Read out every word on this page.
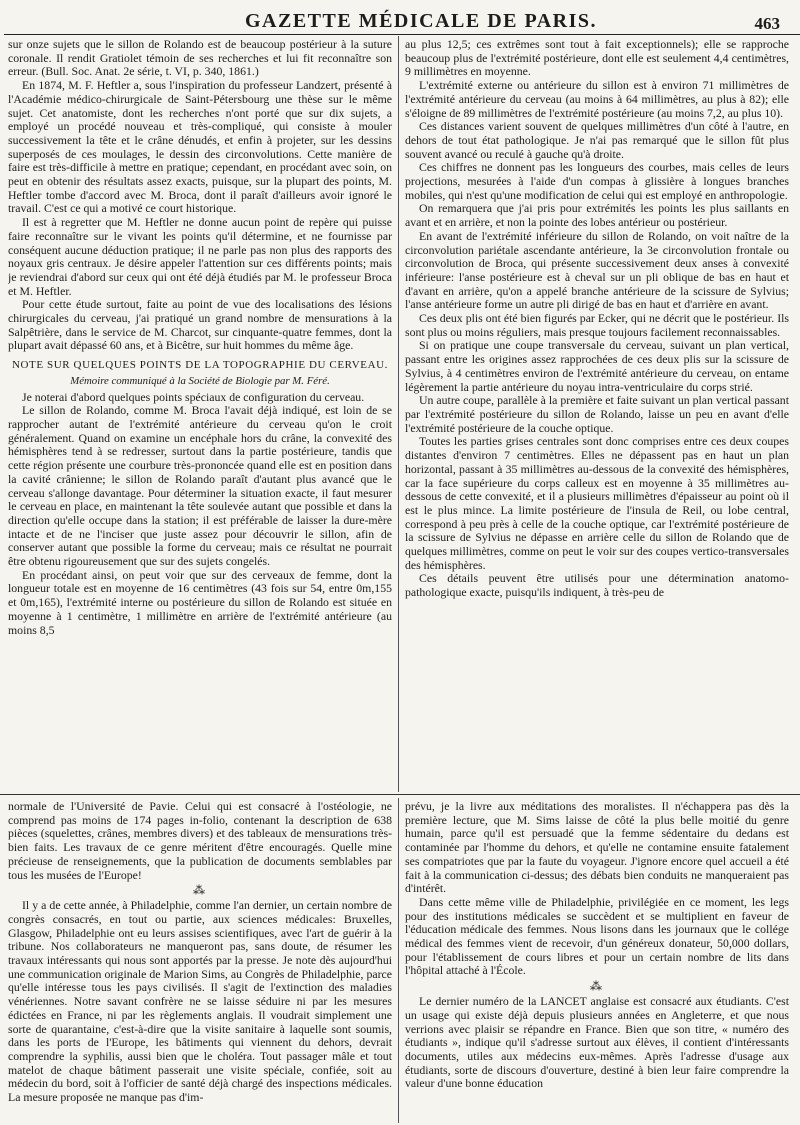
GAZETTE MÉDICALE DE PARIS.	463

sur onze sujets que le sillon de Rolando est de beaucoup postérieur à la suture coronale. Il rendit Gratiolet témoin de ses recherches et lui fit reconnaître son erreur. (Bull. Soc. Anat. 2e série, t. VI, p. 340, 1861.)

En 1874, M. F. Heftler a, sous l'inspiration du professeur Landzert, présenté à l'Académie médico-chirurgicale de Saint-Pétersbourg une thèse sur le même sujet. Cet anatomiste, dont les recherches n'ont porté que sur dix sujets, a employé un procédé nouveau et très-compliqué, qui consiste à mouler successivement la tête et le crâne dénudés, et enfin à projeter, sur les dessins superposés de ces moulages, le dessin des circonvolutions. Cette manière de faire est très-difficile à mettre en pratique; cependant, en procédant avec soin, on peut en obtenir des résultats assez exacts, puisque, sur la plupart des points, M. Heftler tombe d'accord avec M. Broca, dont il paraît d'ailleurs avoir ignoré le travail. C'est ce qui a motivé ce court historique.

Il est à regretter que M. Heftler ne donne aucun point de repère qui puisse faire reconnaître sur le vivant les points qu'il détermine, et ne fournisse par conséquent aucune déduction pratique; il ne parle pas non plus des rapports des noyaux gris centraux. Je désire appeler l'attention sur ces différents points; mais je reviendrai d'abord sur ceux qui ont été déjà étudiés par M. le professeur Broca et M. Heftler.

Pour cette étude surtout, faite au point de vue des localisations des lésions chirurgicales du cerveau, j'ai pratiqué un grand nombre de mensurations à la Salpêtrière, dans le service de M. Charcot, sur cinquante-quatre femmes, dont la plupart avait dépassé 60 ans, et à Bicêtre, sur huit hommes du même âge.

NOTE SUR QUELQUES POINTS DE LA TOPOGRAPHIE DU CERVEAU.
Mémoire communiqué à la Société de Biologie par M. Féré.

Je noterai d'abord quelques points spéciaux de configuration du cerveau.

Le sillon de Rolando, comme M. Broca l'avait déjà indiqué, est loin de se rapprocher autant de l'extrémité antérieure du cerveau qu'on le croit généralement. Quand on examine un encéphale hors du crâne, la convexité des hémisphères tend à se redresser, surtout dans la partie postérieure, tandis que cette région présente une courbure très-prononcée quand elle est en position dans la cavité crânienne; le sillon de Rolando paraît d'autant plus avancé que le cerveau s'allonge davantage. Pour déterminer la situation exacte, il faut mesurer le cerveau en place, en maintenant la tête soulevée autant que possible et dans la direction qu'elle occupe dans la station; il est préférable de laisser la dure-mère intacte et de ne l'inciser que juste assez pour découvrir le sillon, afin de conserver autant que possible la forme du cerveau; mais ce résultat ne pourrait être obtenu rigoureusement que sur des sujets congelés.

En procédant ainsi, on peut voir que sur des cerveaux de femme, dont la longueur totale est en moyenne de 16 centimètres (43 fois sur 54, entre 0m,155 et 0m,165), l'extrémité interne ou postérieure du sillon de Rolando est située en moyenne à 1 centimètre, 1 millimètre en arrière de l'extrémité antérieure (au moins 8,5

au plus 12,5; ces extrêmes sont tout à fait exceptionnels); elle se rapproche beaucoup plus de l'extrémité postérieure, dont elle est seulement 4,4 centimètres, 9 millimètres en moyenne.

L'extrémité externe ou antérieure du sillon est à environ 71 millimètres de l'extrémité antérieure du cerveau (au moins à 64 millimètres, au plus à 82); elle s'éloigne de 89 millimètres de l'extrémité postérieure (au moins 7,2, au plus 10).

Ces distances varient souvent de quelques millimètres d'un côté à l'autre, en dehors de tout état pathologique. Je n'ai pas remarqué que le sillon fût plus souvent avancé ou reculé à gauche qu'à droite.

Ces chiffres ne donnent pas les longueurs des courbes, mais celles de leurs projections, mesurées à l'aide d'un compas à glissière à longues branches mobiles, qui n'est qu'une modification de celui qui est employé en anthropologie.

On remarquera que j'ai pris pour extrémités les points les plus saillants en avant et en arrière, et non la pointe des lobes antérieur ou postérieur.

En avant de l'extrémité inférieure du sillon de Rolando, on voit naître de la circonvolution pariétale ascendante antérieure, la 3e circonvolution frontale ou circonvolution de Broca, qui présente successivement deux anses à convexité inférieure: l'anse postérieure est à cheval sur un pli oblique de bas en haut et d'avant en arrière, qu'on a appelé branche antérieure de la scissure de Sylvius; l'anse antérieure forme un autre pli dirigé de bas en haut et d'arrière en avant.

Ces deux plis ont été bien figurés par Ecker, qui ne décrit que le postérieur. Ils sont plus ou moins réguliers, mais presque toujours facilement reconnaissables.

Si on pratique une coupe transversale du cerveau, suivant un plan vertical, passant entre les origines assez rapprochées de ces deux plis sur la scissure de Sylvius, à 4 centimètres environ de l'extrémité antérieure du cerveau, on entame légèrement la partie antérieure du noyau intra-ventriculaire du corps strié.

Un autre coupe, parallèle à la première et faite suivant un plan vertical passant par l'extrémité postérieure du sillon de Rolando, laisse un peu en avant d'elle l'extrémité postérieure de la couche optique.

Toutes les parties grises centrales sont donc comprises entre ces deux coupes distantes d'environ 7 centimètres. Elles ne dépassent pas en haut un plan horizontal, passant à 35 millimètres au-dessous de la convexité des hémisphères, car la face supérieure du corps calleux est en moyenne à 35 millimètres au-dessous de cette convexité, et il a plusieurs millimètres d'épaisseur au point où il est le plus mince. La limite postérieure de l'insula de Reil, ou lobe central, correspond à peu près à celle de la couche optique, car l'extrémité postérieure de la scissure de Sylvius ne dépasse en arrière celle du sillon de Rolando que de quelques millimètres, comme on peut le voir sur des coupes vertico-transversales des hémisphères.

Ces détails peuvent être utilisés pour une détermination anatomo-pathologique exacte, puisqu'ils indiquent, à très-peu de

normale de l'Université de Pavie. Celui qui est consacré à l'ostéologie, ne comprend pas moins de 174 pages in-folio, contenant la description de 638 pièces (squelettes, crânes, membres divers) et des tableaux de mensurations très-bien faits. Les travaux de ce genre méritent d'être encouragés. Quelle mine précieuse de renseignements, que la publication de documents semblables par tous les musées de l'Europe!

⁂

Il y a de cette année, à Philadelphie, comme l'an dernier, un certain nombre de congrès consacrés, en tout ou partie, aux sciences médicales: Bruxelles, Glasgow, Philadelphie ont eu leurs assises scientifiques, avec l'art de guérir à la tribune. Nos collaborateurs ne manqueront pas, sans doute, de résumer les travaux intéressants qui nous sont apportés par la presse. Je note dès aujourd'hui une communication originale de Marion Sims, au Congrès de Philadelphie, parce qu'elle intéresse tous les pays civilisés. Il s'agit de l'extinction des maladies vénériennes. Notre savant confrère ne se laisse séduire ni par les mesures édictées en France, ni par les règlements anglais. Il voudrait simplement une sorte de quarantaine, c'est-à-dire que la visite sanitaire à laquelle sont soumis, dans les ports de l'Europe, les bâtiments qui viennent du dehors, devrait comprendre la syphilis, aussi bien que le choléra. Tout passager mâle et tout matelot de chaque bâtiment passerait une visite spéciale, confiée, soit au médecin du bord, soit à l'officier de santé déjà chargé des inspections médicales. La mesure proposée ne manque pas d'im-

prévu, je la livre aux méditations des moralistes. Il n'échappera pas dès la première lecture, que M. Sims laisse de côté la plus belle moitié du genre humain, parce qu'il est persuadé que la femme sédentaire du dedans est contaminée par l'homme du dehors, et qu'elle ne contamine ensuite fatalement ses compatriotes que par la faute du voyageur. J'ignore encore quel accueil a été fait à la communication ci-dessus; des débats bien conduits ne manqueraient pas d'intérêt.

Dans cette même ville de Philadelphie, privilégiée en ce moment, les legs pour des institutions médicales se succèdent et se multiplient en faveur de l'éducation médicale des femmes. Nous lisons dans les journaux que le collége médical des femmes vient de recevoir, d'un généreux donateur, 50,000 dollars, pour l'établissement de cours libres et pour un certain nombre de lits dans l'hôpital attaché à l'École.

⁂

Le dernier numéro de la LANCET anglaise est consacré aux étudiants. C'est un usage qui existe déjà depuis plusieurs années en Angleterre, et que nous verrions avec plaisir se répandre en France. Bien que son titre, « numéro des étudiants », indique qu'il s'adresse surtout aux élèves, il contient d'intéressants documents, utiles aux médecins eux-mêmes. Après l'adresse d'usage aux étudiants, sorte de discours d'ouverture, destiné à bien leur faire comprendre la valeur d'une bonne éducation
